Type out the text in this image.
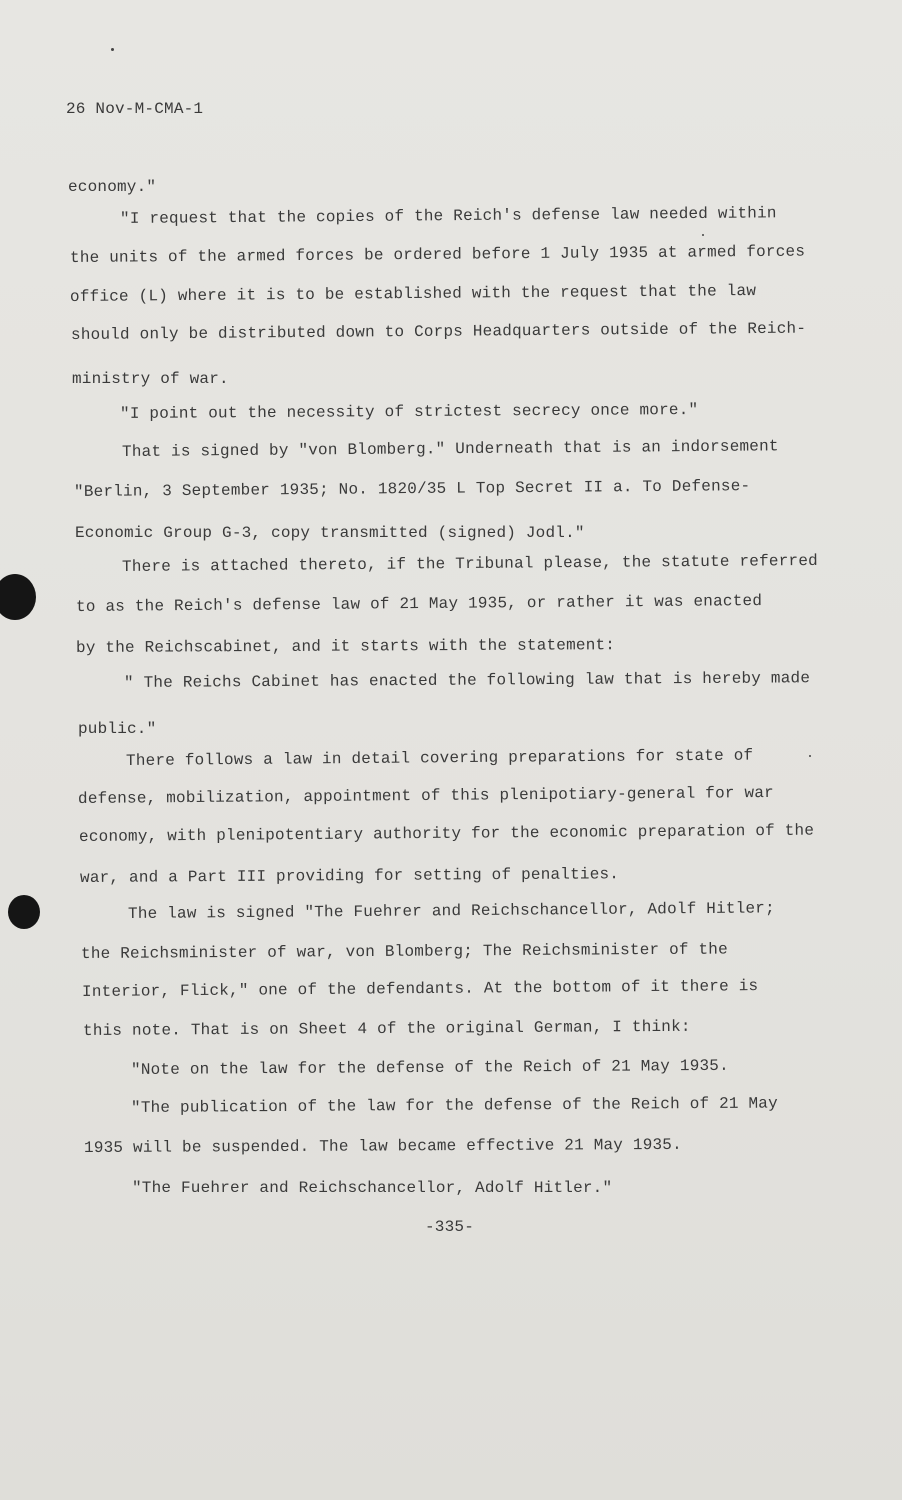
26 Nov-M-CMA-1
economy."
"I request that the copies of the Reich's defense law needed within
the units of the armed forces be ordered before 1 July 1935 at armed forces
office (L) where it is to be established with the request that the law
should only be distributed down to Corps Headquarters outside of the Reich-
ministry of war.
"I point out the necessity of strictest secrecy once more."
That is signed by "von Blomberg." Underneath that is an indorsement
"Berlin, 3 September 1935; No. 1820/35 L Top Secret II a. To Defense-
Economic Group G-3, copy transmitted (signed) Jodl."
There is attached thereto, if the Tribunal please, the statute referred
to as the Reich's defense law of 21 May 1935, or rather it was enacted
by the Reichscabinet, and it starts with the statement:
" The Reichs Cabinet has enacted the following law that is hereby made
public."
There follows a law in detail covering preparations for state of
defense, mobilization, appointment of this plenipotiary-general for war
economy, with plenipotentiary authority for the economic preparation of the
war, and a Part III providing for setting of penalties.
The law is signed "The Fuehrer and Reichschancellor, Adolf Hitler;
the Reichsminister of war, von Blomberg; The Reichsminister of the
Interior, Flick," one of the defendants. At the bottom of it there is
this note. That is on Sheet 4 of the original German, I think:
"Note on the law for the defense of the Reich of 21 May 1935.
"The publication of the law for the defense of the Reich of 21 May
1935 will be suspended. The law became effective 21 May 1935.
"The Fuehrer and Reichschancellor, Adolf Hitler."
-335-
